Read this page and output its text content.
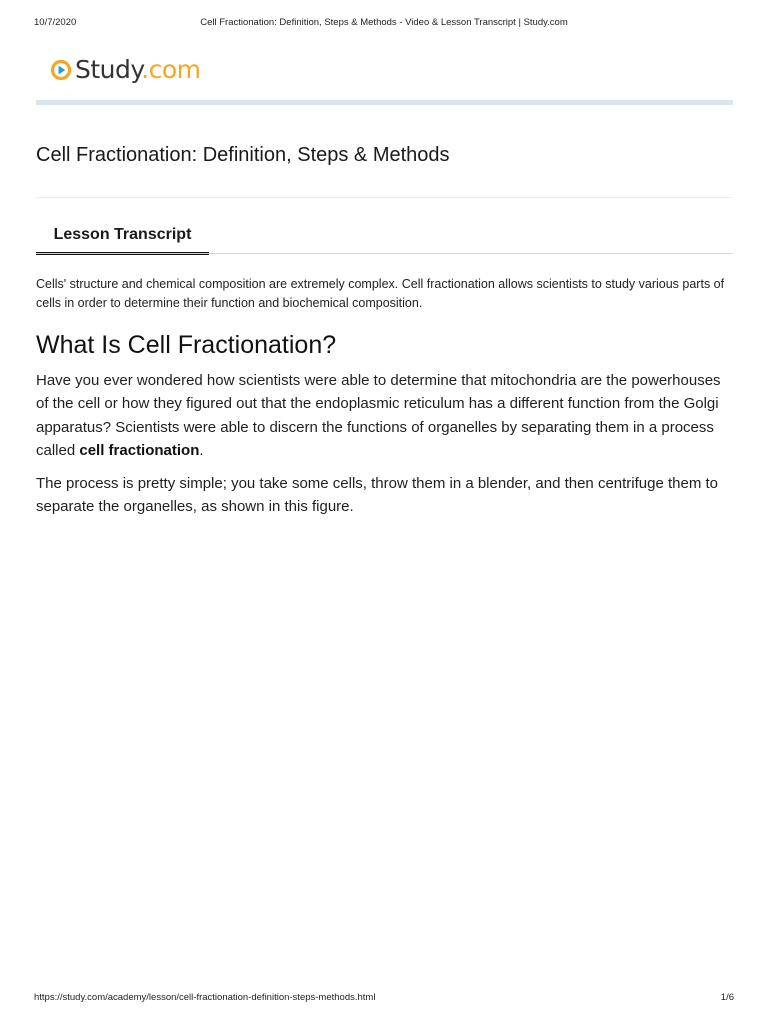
10/7/2020	Cell Fractionation: Definition, Steps & Methods - Video & Lesson Transcript | Study.com
Study.com
Cell Fractionation: Definition, Steps & Methods
Lesson Transcript

Cells' structure and chemical composition are extremely complex. Cell fractionation allows scientists to study various parts of cells in order to determine their function and biochemical composition.

What Is Cell Fractionation?

Have you ever wondered how scientists were able to determine that mitochondria are the powerhouses of the cell or how they figured out that the endoplasmic reticulum has a different function from the Golgi apparatus? Scientists were able to discern the functions of organelles by separating them in a process called cell fractionation.

The process is pretty simple; you take some cells, throw them in a blender, and then centrifuge them to separate the organelles, as shown in this figure.

https://study.com/academy/lesson/cell-fractionation-definition-steps-methods.html	1/6
